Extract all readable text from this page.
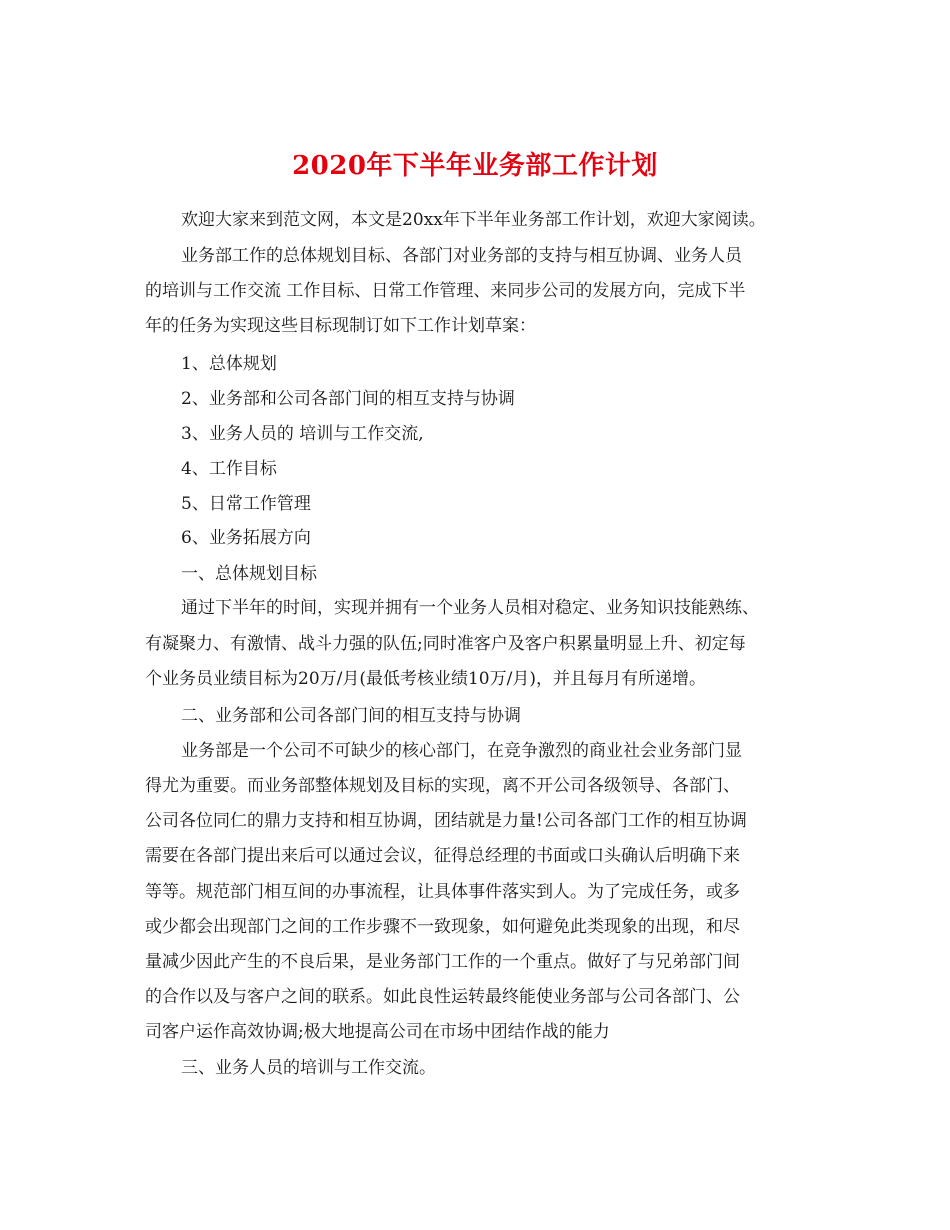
2020年下半年业务部工作计划

欢迎大家来到范文网，本文是20xx年下半年业务部工作计划，欢迎大家阅读。

业务部工作的总体规划目标、各部门对业务部的支持与相互协调、业务人员

的培训与工作交流 工作目标、日常工作管理、来同步公司的发展方向，完成下半

年的任务为实现这些目标现制订如下工作计划草案：

1、总体规划

2、业务部和公司各部门间的相互支持与协调

3、业务人员的 培训与工作交流,

4、工作目标

5、日常工作管理

6、业务拓展方向

一、总体规划目标

通过下半年的时间，实现并拥有一个业务人员相对稳定、业务知识技能熟练、

有凝聚力、有激情、战斗力强的队伍;同时准客户及客户积累量明显上升、初定每

个业务员业绩目标为20万/月(最低考核业绩10万/月)，并且每月有所递增。

二、业务部和公司各部门间的相互支持与协调

业务部是一个公司不可缺少的核心部门，在竞争激烈的商业社会业务部门显

得尤为重要。而业务部整体规划及目标的实现，离不开公司各级领导、各部门、

公司各位同仁的鼎力支持和相互协调，团结就是力量!公司各部门工作的相互协调

需要在各部门提出来后可以通过会议，征得总经理的书面或口头确认后明确下来

等等。规范部门相互间的办事流程，让具体事件落实到人。为了完成任务，或多

或少都会出现部门之间的工作步骤不一致现象，如何避免此类现象的出现，和尽

量减少因此产生的不良后果，是业务部门工作的一个重点。做好了与兄弟部门间

的合作以及与客户之间的联系。如此良性运转最终能使业务部与公司各部门、公

司客户运作高效协调;极大地提高公司在市场中团结作战的能力

三、业务人员的培训与工作交流。
